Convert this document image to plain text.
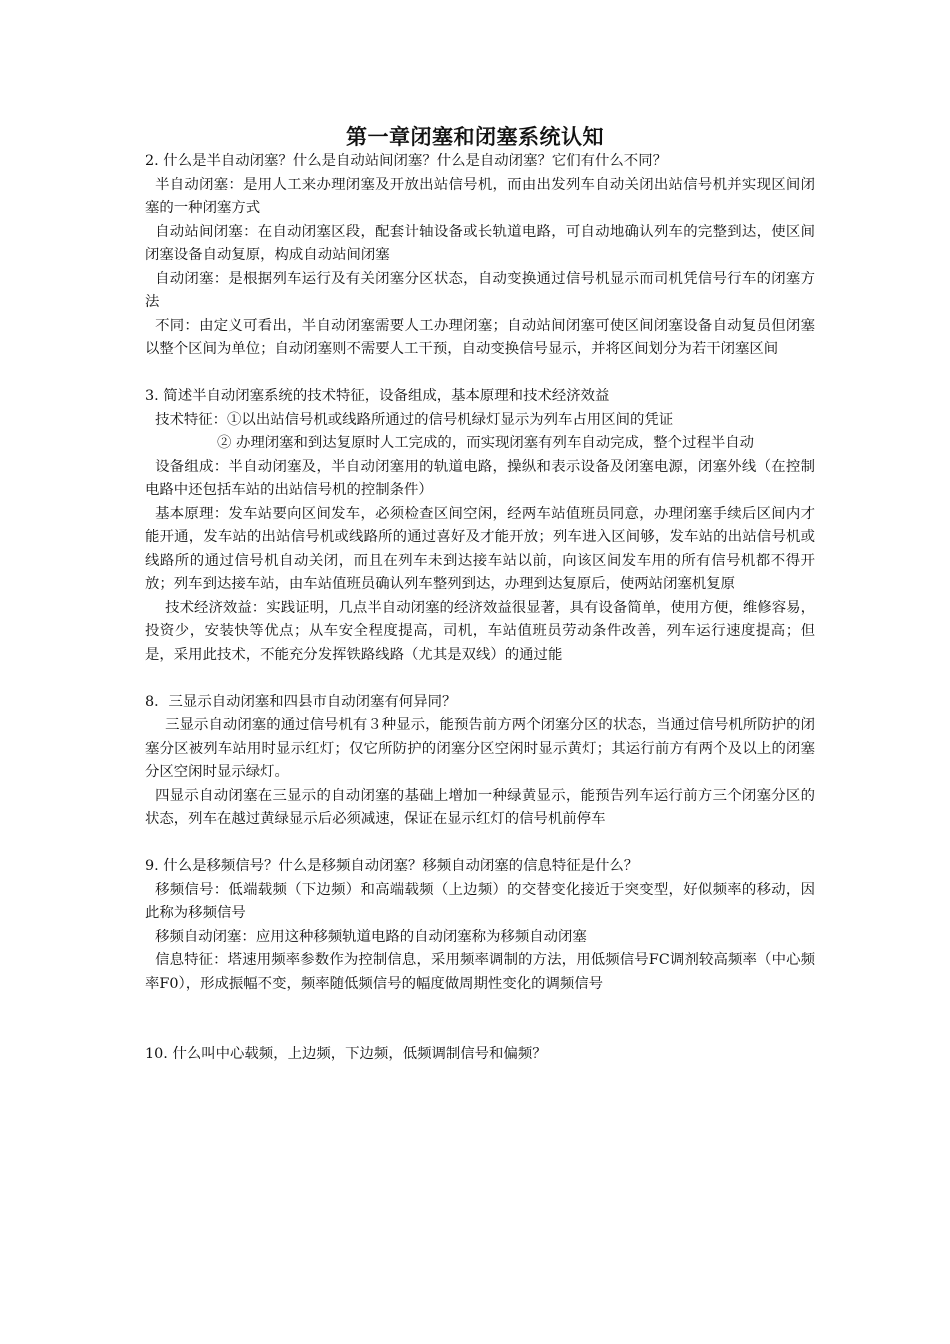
第一章闭塞和闭塞系统认知

2. 什么是半自动闭塞？什么是自动站间闭塞？什么是自动闭塞？它们有什么不同？

半自动闭塞：是用人工来办理闭塞及开放出站信号机，而由出发列车自动关闭出站信号机并实现区间闭塞的一种闭塞方式

自动站间闭塞：在自动闭塞区段，配套计轴设备或长轨道电路，可自动地确认列车的完整到达，使区间闭塞设备自动复原，构成自动站间闭塞

自动闭塞：是根据列车运行及有关闭塞分区状态，自动变换通过信号机显示而司机凭信号行车的闭塞方法

不同：由定义可看出，半自动闭塞需要人工办理闭塞；自动站间闭塞可使区间闭塞设备自动复员但闭塞以整个区间为单位；自动闭塞则不需要人工干预，自动变换信号显示，并将区间划分为若干闭塞区间

3. 简述半自动闭塞系统的技术特征，设备组成，基本原理和技术经济效益

技术特征：①以出站信号机或线路所通过的信号机绿灯显示为列车占用区间的凭证

② 办理闭塞和到达复原时人工完成的，而实现闭塞有列车自动完成，整个过程半自动

设备组成：半自动闭塞及，半自动闭塞用的轨道电路，操纵和表示设备及闭塞电源，闭塞外线（在控制电路中还包括车站的出站信号机的控制条件）

基本原理：发车站要向区间发车，必须检查区间空闲，经两车站值班员同意，办理闭塞手续后区间内才能开通，发车站的出站信号机或线路所的通过喜好及才能开放；列车进入区间够，发车站的出站信号机或线路所的通过信号机自动关闭，而且在列车未到达接车站以前，向该区间发车用的所有信号机都不得开放；列车到达接车站，由车站值班员确认列车整列到达，办理到达复原后，使两站闭塞机复原

技术经济效益：实践证明，几点半自动闭塞的经济效益很显著，具有设备简单，使用方便，维修容易，投资少，安装快等优点；从车安全程度提高，司机，车站值班员劳动条件改善，列车运行速度提高；但是，采用此技术，不能充分发挥铁路线路（尤其是双线）的通过能

8．三显示自动闭塞和四县市自动闭塞有何异同？

三显示自动闭塞的通过信号机有３种显示，能预告前方两个闭塞分区的状态，当通过信号机所防护的闭塞分区被列车站用时显示红灯；仅它所防护的闭塞分区空闲时显示黄灯；其运行前方有两个及以上的闭塞分区空闲时显示绿灯。

四显示自动闭塞在三显示的自动闭塞的基础上增加一种绿黄显示，能预告列车运行前方三个闭塞分区的状态，列车在越过黄绿显示后必须减速，保证在显示红灯的信号机前停车

9. 什么是移频信号？什么是移频自动闭塞？移频自动闭塞的信息特征是什么？

移频信号：低端载频（下边频）和高端载频（上边频）的交替变化接近于突变型，好似频率的移动，因此称为移频信号

移频自动闭塞：应用这种移频轨道电路的自动闭塞称为移频自动闭塞

信息特征：塔速用频率参数作为控制信息，采用频率调制的方法，用低频信号FC调剂较高频率（中心频率F0），形成振幅不变，频率随低频信号的幅度做周期性变化的调频信号

10. 什么叫中心载频，上边频，下边频，低频调制信号和偏频？
